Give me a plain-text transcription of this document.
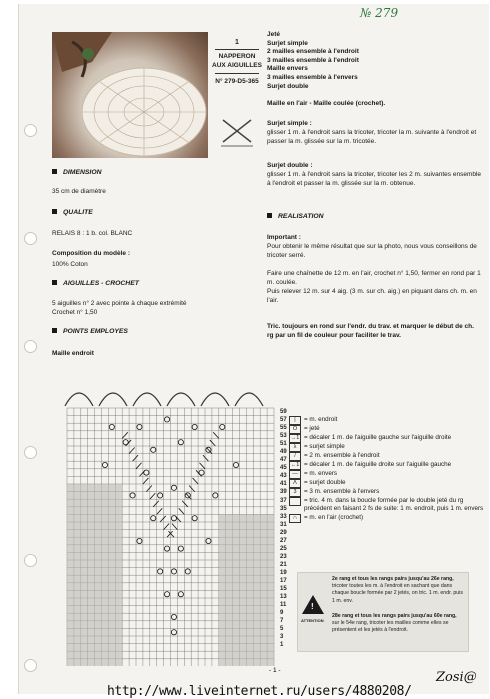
№ 279
1
NAPPERON
AUX AIGUILLES
N° 279-D5-365
DIMENSION
35 cm de diamètre
QUALITE
RELAIS 8 : 1 b. col. BLANC
Composition du modèle :
100% Coton
AIGUILLES - CROCHET
5 aiguilles n° 2 avec pointe à chaque extrémité
Crochet n° 1,50
POINTS EMPLOYES
Maille endroit
Jeté
Surjet simple
2 mailles ensemble à l'endroit
3 mailles ensemble à l'endroit
Maille envers
3 mailles ensemble à l'envers
Surjet double
Maille en l'air - Maille coulée (crochet).
Surjet simple :
glisser 1 m. à l'endroit sans la tricoter, tricoter la m. suivante à l'endroit et passer la m. glissée sur la m. tricotée.
Surjet double :
glisser 1 m. à l'endroit sans la tricoter, tricoter les 2 m. suivantes ensemble à l'endroit et passer la m. glissée sur la m. obtenue.
REALISATION
Important :
Pour obtenir le même résultat que sur la photo, nous vous conseillons de tricoter serré.
Faire une chaînette de 12 m. en l'air, crochet n° 1,50, fermer en rond par 1 m. coulée.
Puis relever 12 m. sur 4 aig. (3 m. sur ch. aig.) en piquant dans ch. m. en l'air.
Tric. toujours en rond sur l'endr. du trav. et marquer le début de ch. rg par un fil de couleur pour faciliter le trav.
59
57
55
53
51
49
47
45
43
41
39
37
35
33
31
29
27
25
23
21
19
17
15
13
11
9
7
5
3
1
|	= m. endroit
O	= jeté
→1 = décaler 1 m. de l'aiguille gauche sur l'aiguille droite
λ	= surjet simple
/	= 2 m. ensemble à l'endroit
←1 = décaler 1 m. de l'aiguille droite sur l'aiguille gauche
— = m. envers
Λ	= surjet double
3	= 3 m. ensemble à l'envers
⌒ = tric. 4 m. dans la boucle formée par le double jeté du rg précédent en faisant 2 fs de suite: 1 m. endroit, puis 1 m. envers
∩	= m. en l'air (crochet)
!
ATTENTION
2e rang et tous les rangs pairs jusqu'au 26e rang, tricoter toutes les m. à l'endroit en sachant que dans chaque boucle formée par 2 jetés, on tric. 1 m. endr. puis 1 m. env.
28e rang et tous les rangs pairs jusqu'au 60e rang, sur le 54e rang, tricoter les mailles comme elles se présentent et les jetés à l'endroit.
- 1 -	Zosi@
http://www.liveinternet.ru/users/4880208/
